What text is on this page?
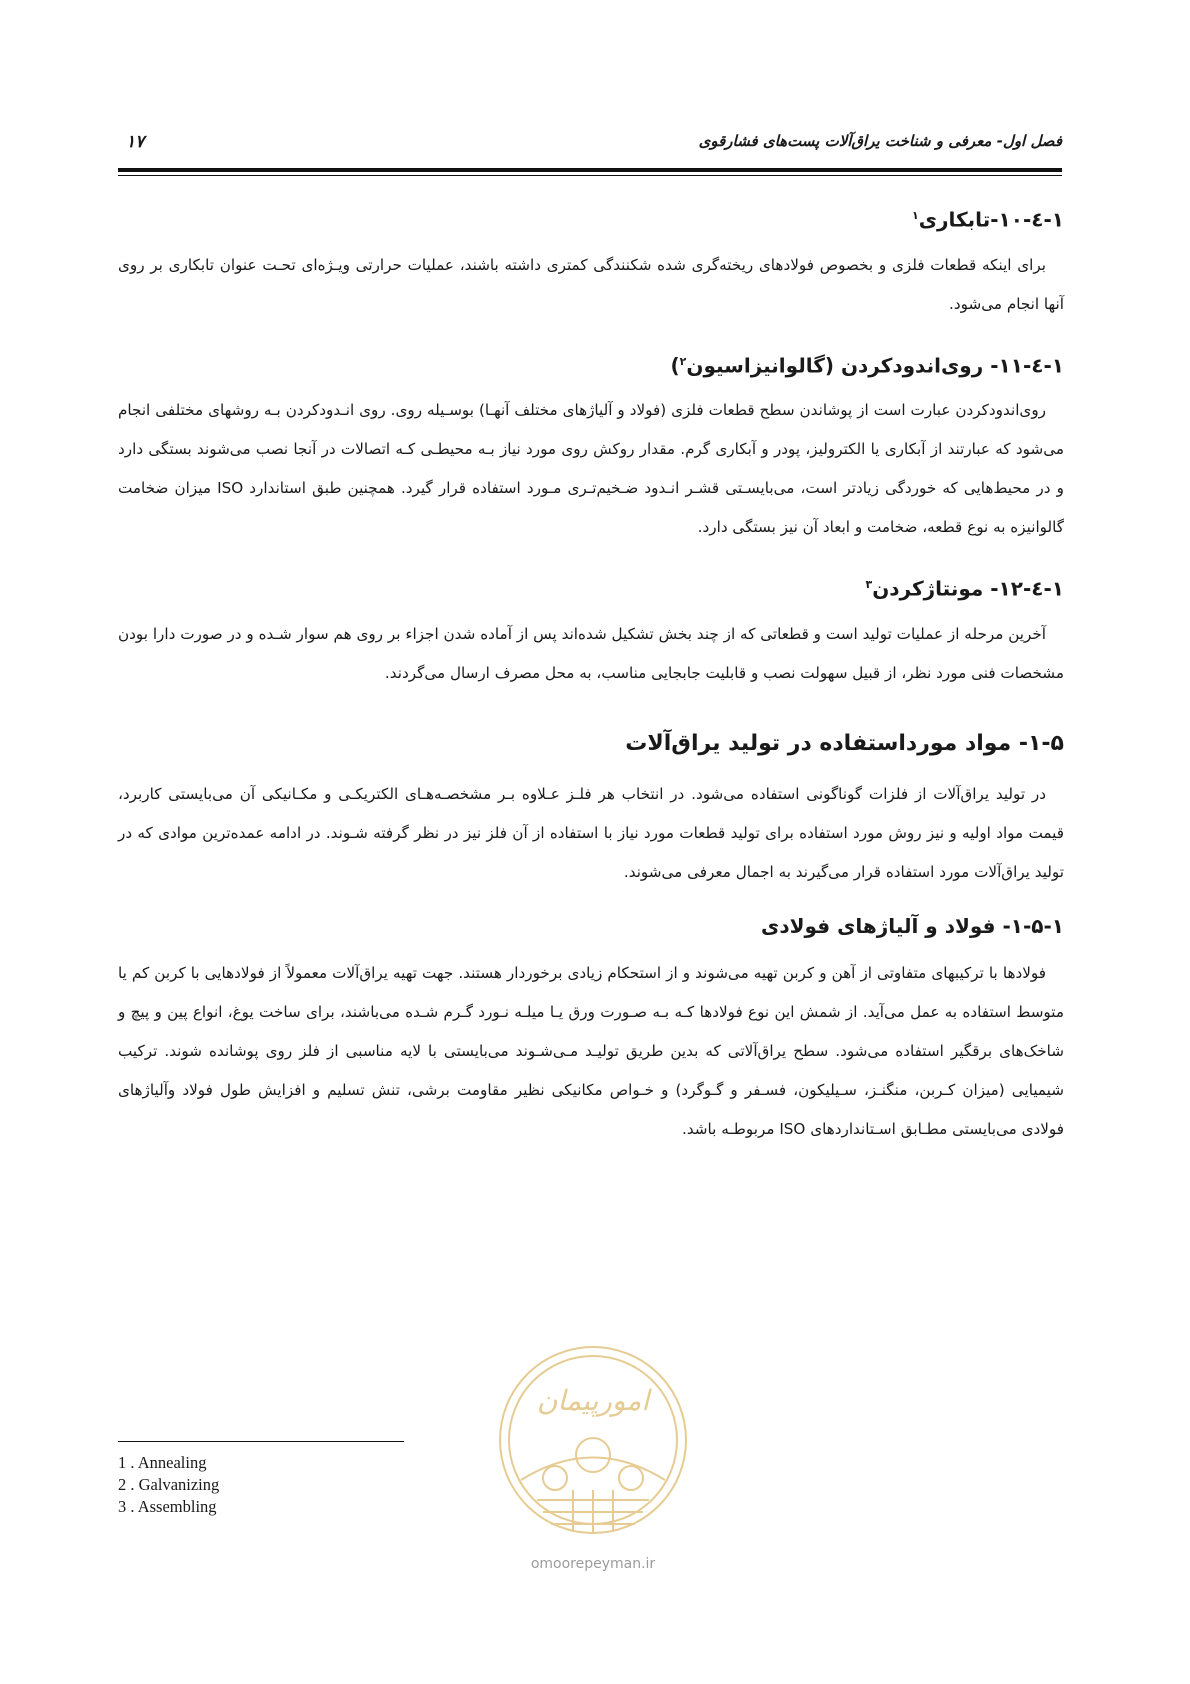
فصل اول- معرفی و شناخت یراق‌آلات پست‌های فشارقوی
۱۷
۱-٤-۱۰-تابکاری$^۱$

برای اینکه قطعات فلزی و بخصوص فولادهای ریخته‌گری شده شکنندگی کمتری داشته باشند، عملیات حرارتی ویـژه‌ای تحـت عنوان تابکاری بر روی آنها انجام می‌شود.

۱-٤-۱۱- روی‌اندودکردن (گالوانیزاسیون$^۲$)

روی‌اندودکردن عبارت است از پوشاندن سطح قطعات فلزی (فولاد و آلیاژهای مختلف آنهـا) بوسـیله روی. روی انـدودکردن بـه روشهای مختلفی انجام می‌شود که عبارتند از آبکاری یا الکترولیز، پودر و آبکاری گرم. مقدار روکش روی مورد نیاز بـه محیطـی کـه اتصالات در آنجا نصب می‌شوند بستگی دارد و در محیط‌هایی که خوردگی زیادتر است، می‌بایسـتی قشـر انـدود ضـخیم‌تـری مـورد استفاده قرار گیرد. همچنین طبق استاندارد ISO میزان ضخامت گالوانیزه به نوع قطعه، ضخامت و ابعاد آن نیز بستگی دارد.

۱-٤-۱۲- مونتاژکردن$^۳$

آخرین مرحله از عملیات تولید است و قطعاتی که از چند بخش تشکیل شده‌اند پس از آماده شدن اجزاء بر روی هم سوار شـده و در صورت دارا بودن مشخصات فنی مورد نظر، از قبیل سهولت نصب و قابلیت جابجایی مناسب، به محل مصرف ارسال می‌گردند.

۱-۵- مواد مورداستفاده در تولید یراق‌آلات

در تولید یراق‌آلات از فلزات گوناگونی استفاده می‌شود. در انتخاب هر فلـز عـلاوه بـر مشخصـه‌هـای الکتریکـی و مکـانیکی آن می‌بایستی کاربرد، قیمت مواد اولیه و نیز روش مورد استفاده برای تولید قطعات مورد نیاز با استفاده از آن فلز نیز در نظر گرفته شـوند. در ادامه عمده‌ترین موادی که در تولید یراق‌آلات مورد استفاده قرار می‌گیرند به اجمال معرفی می‌شوند.

۱-۵-۱- فولاد و آلیاژهای فولادی

فولادها با ترکیبهای متفاوتی از آهن و کربن تهیه می‌شوند و از استحکام زیادی برخوردار هستند. جهت تهیه یراق‌آلات معمولاً از فولادهایی با کربن کم یا متوسط استفاده به عمل می‌آید. از شمش این نوع فولادها کـه بـه صـورت ورق یـا میلـه نـورد گـرم شـده می‌باشند، برای ساخت یوغ، انواع پین و پیچ و شاخک‌های برقگیر استفاده می‌شود. سطح یراق‌آلاتی که بدین طریق تولیـد مـی‌شـوند می‌بایستی با لایه مناسبی از فلز روی پوشانده شوند. ترکیب شیمیایی (میزان کـربن، منگنـز، سـیلیکون، فسـفر و گـوگرد) و خـواص مکانیکی نظیر مقاومت برشی، تنش تسلیم و افزایش طول فولاد وآلیاژهای فولادی می‌بایستی مطـابق اسـتانداردهای ISO مربوطـه باشد.

1 . Annealing
2 . Galvanizing
3 . Assembling
امورپیمان
omoorepeyman.ir
